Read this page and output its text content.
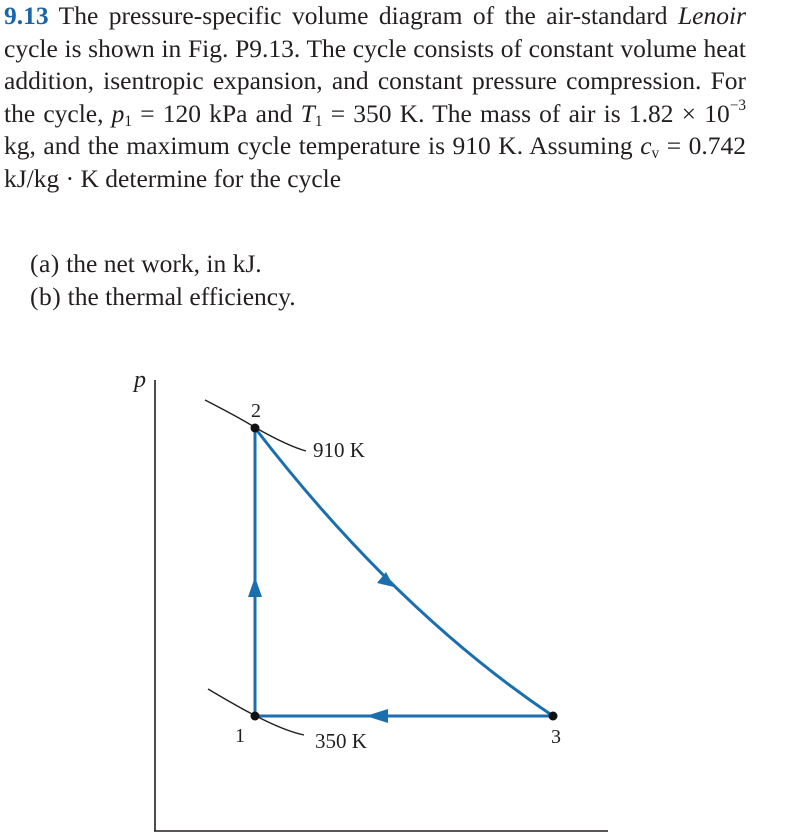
9.13 The pressure-specific volume diagram of the air-standard Lenoir cycle is shown in Fig. P9.13. The cycle consists of constant volume heat addition, isentropic expansion, and constant pressure compression. For the cycle, $p_1 = 120$ kPa and $T_1 = 350$ K. The mass of air is $1.82 \times 10^{-3}$ kg, and the maximum cycle temperature is 910 K. Assuming $c_v = 0.742$ kJ/kg · K determine for the cycle

(a) the net work, in kJ.
(b) the thermal efficiency.
p
910 K
350 K
2
1	3
